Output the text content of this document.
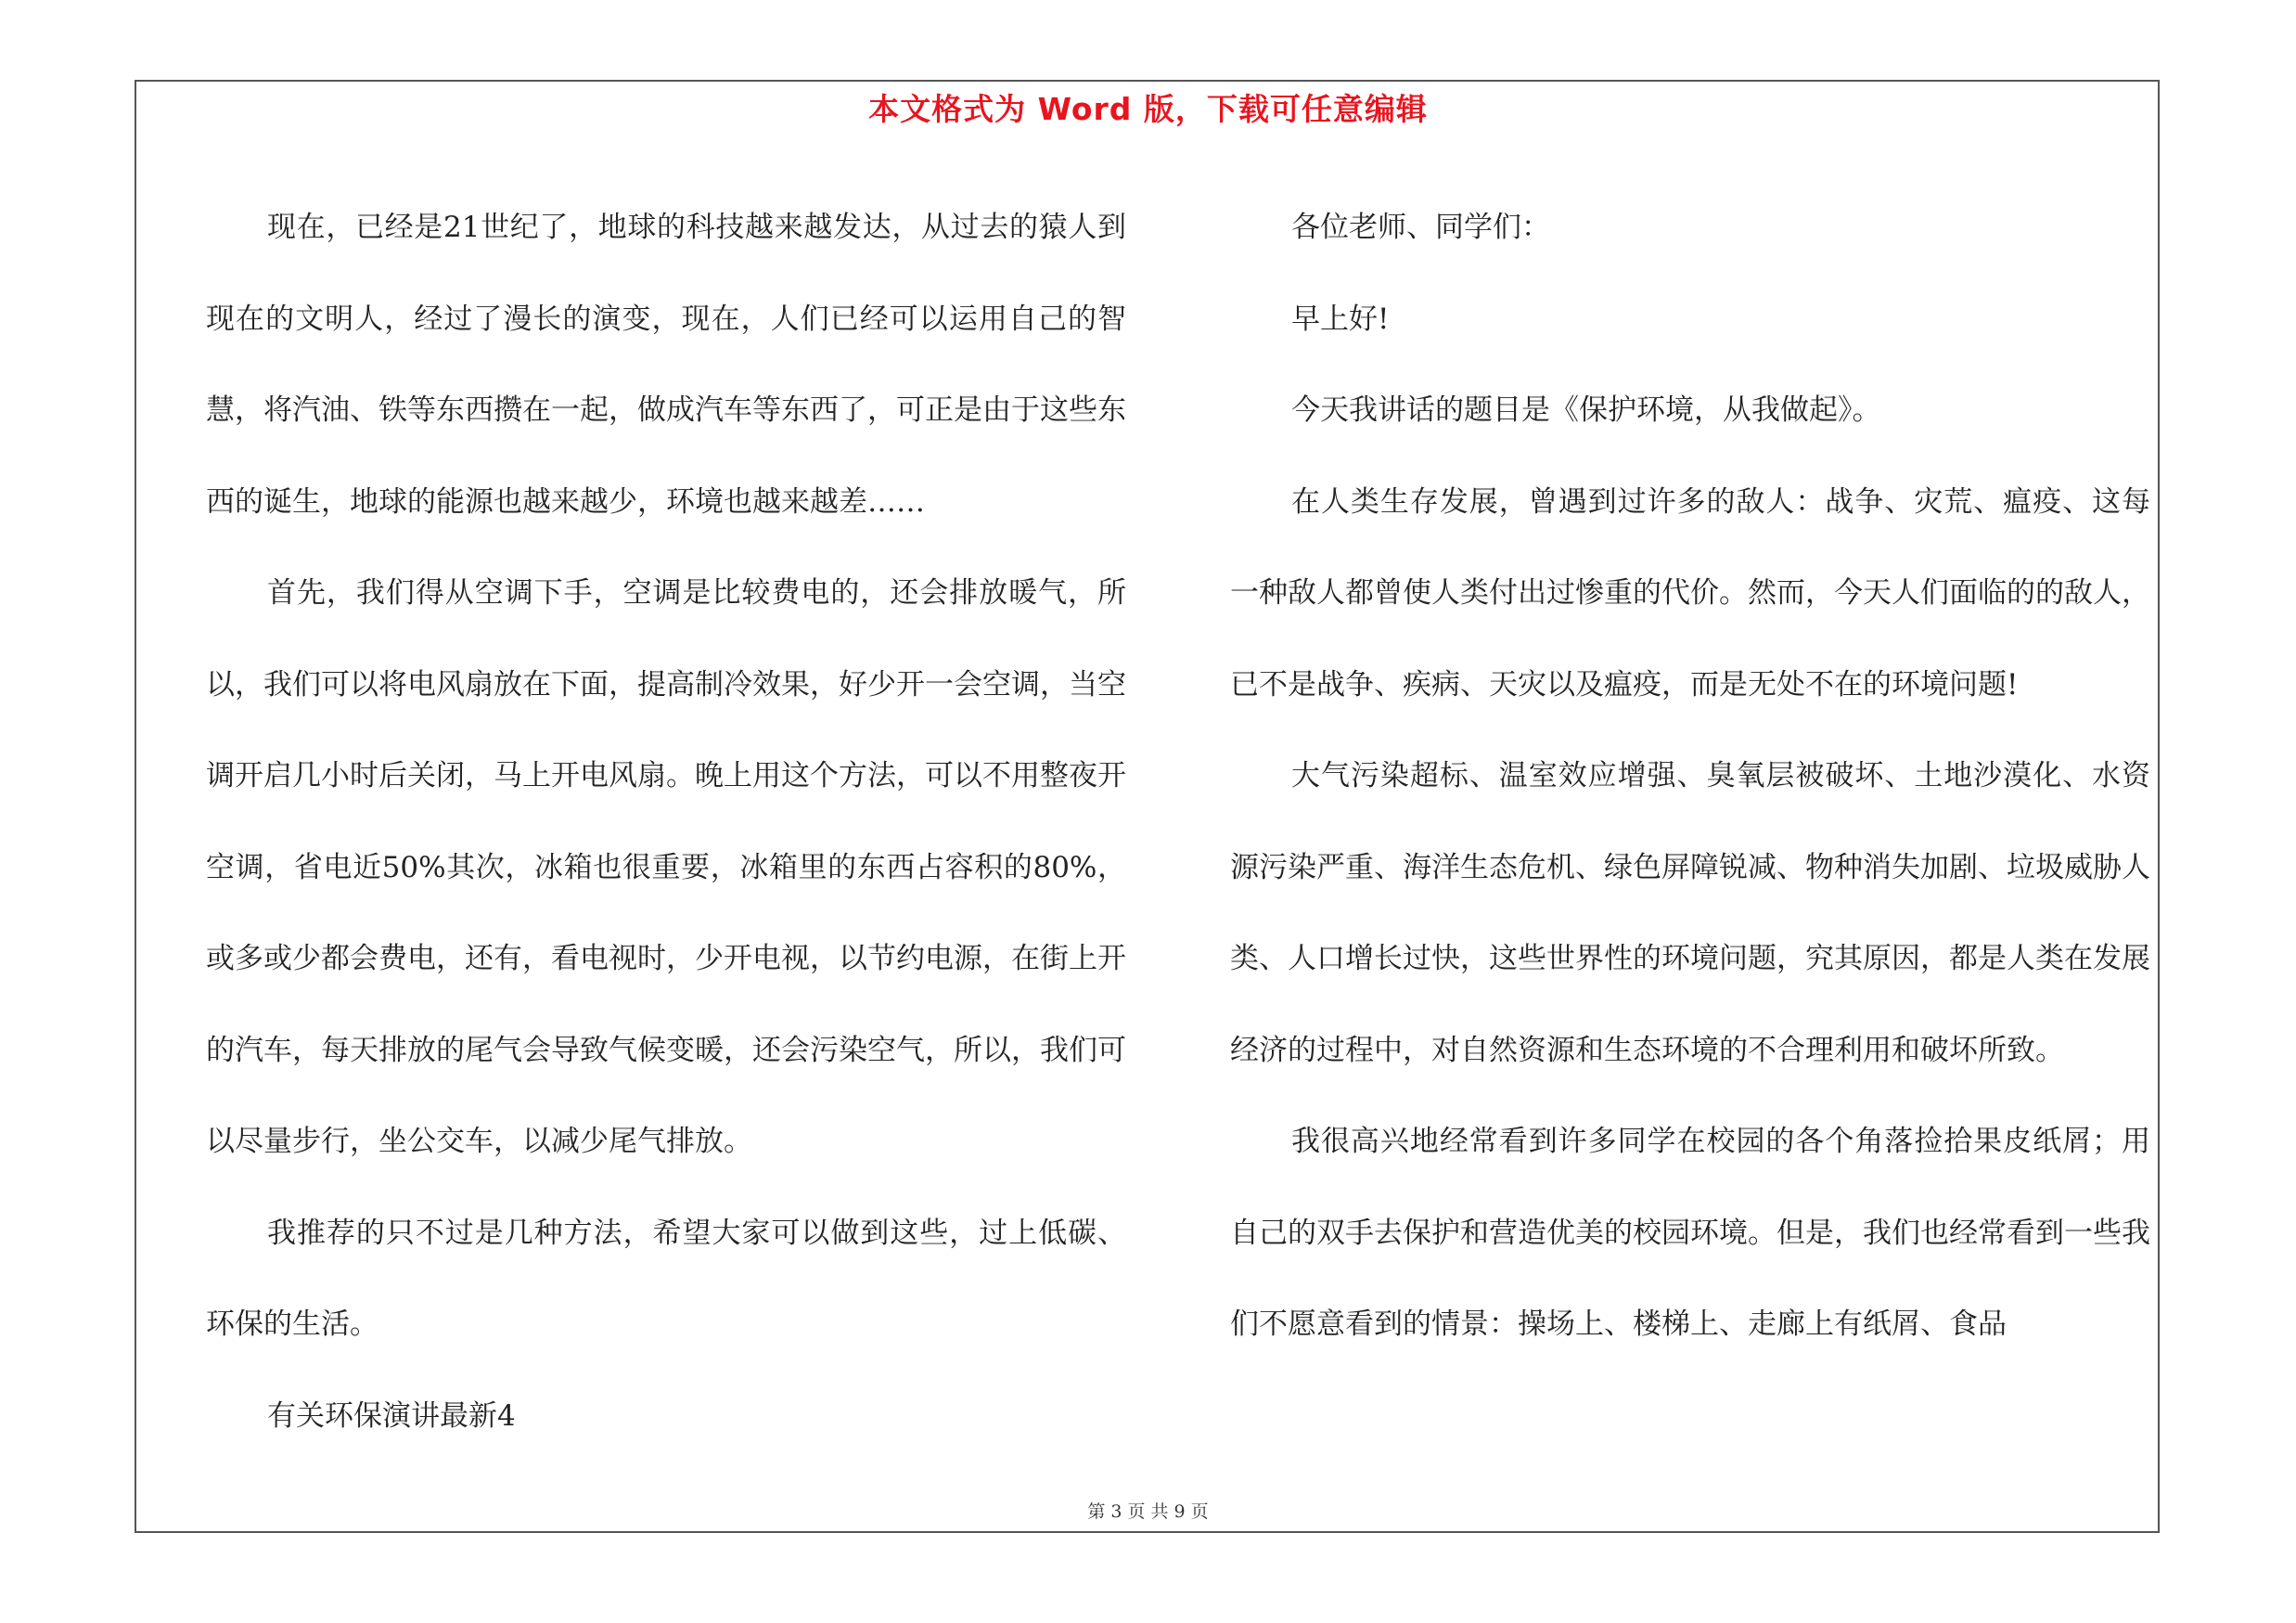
本文格式为 Word 版，下载可任意编辑

现在，已经是21世纪了，地球的科技越来越发达，从过去的猿人到现在的文明人，经过了漫长的演变，现在，人们已经可以运用自己的智慧，将汽油、铁等东西攒在一起，做成汽车等东西了，可正是由于这些东西的诞生，地球的能源也越来越少，环境也越来越差……

首先，我们得从空调下手，空调是比较费电的，还会排放暖气，所以，我们可以将电风扇放在下面，提高制冷效果，好少开一会空调，当空调开启几小时后关闭，马上开电风扇。晚上用这个方法，可以不用整夜开空调，省电近50%其次，冰箱也很重要，冰箱里的东西占容积的80%，或多或少都会费电，还有，看电视时，少开电视，以节约电源，在街上开的汽车，每天排放的尾气会导致气候变暖，还会污染空气，所以，我们可以尽量步行，坐公交车，以减少尾气排放。

我推荐的只不过是几种方法，希望大家可以做到这些，过上低碳、环保的生活。

有关环保演讲最新4

各位老师、同学们：

早上好!

今天我讲话的题目是《保护环境，从我做起》。

在人类生存发展，曾遇到过许多的敌人：战争、灾荒、瘟疫、这每一种敌人都曾使人类付出过惨重的代价。然而，今天人们面临的的敌人，已不是战争、疾病、天灾以及瘟疫，而是无处不在的环境问题!

大气污染超标、温室效应增强、臭氧层被破坏、土地沙漠化、水资源污染严重、海洋生态危机、绿色屏障锐减、物种消失加剧、垃圾威胁人类、人口增长过快，这些世界性的环境问题，究其原因，都是人类在发展经济的过程中，对自然资源和生态环境的不合理利用和破坏所致。

我很高兴地经常看到许多同学在校园的各个角落捡拾果皮纸屑；用自己的双手去保护和营造优美的校园环境。但是，我们也经常看到一些我们不愿意看到的情景：操场上、楼梯上、走廊上有纸屑、食品

第 3 页 共 9 页
